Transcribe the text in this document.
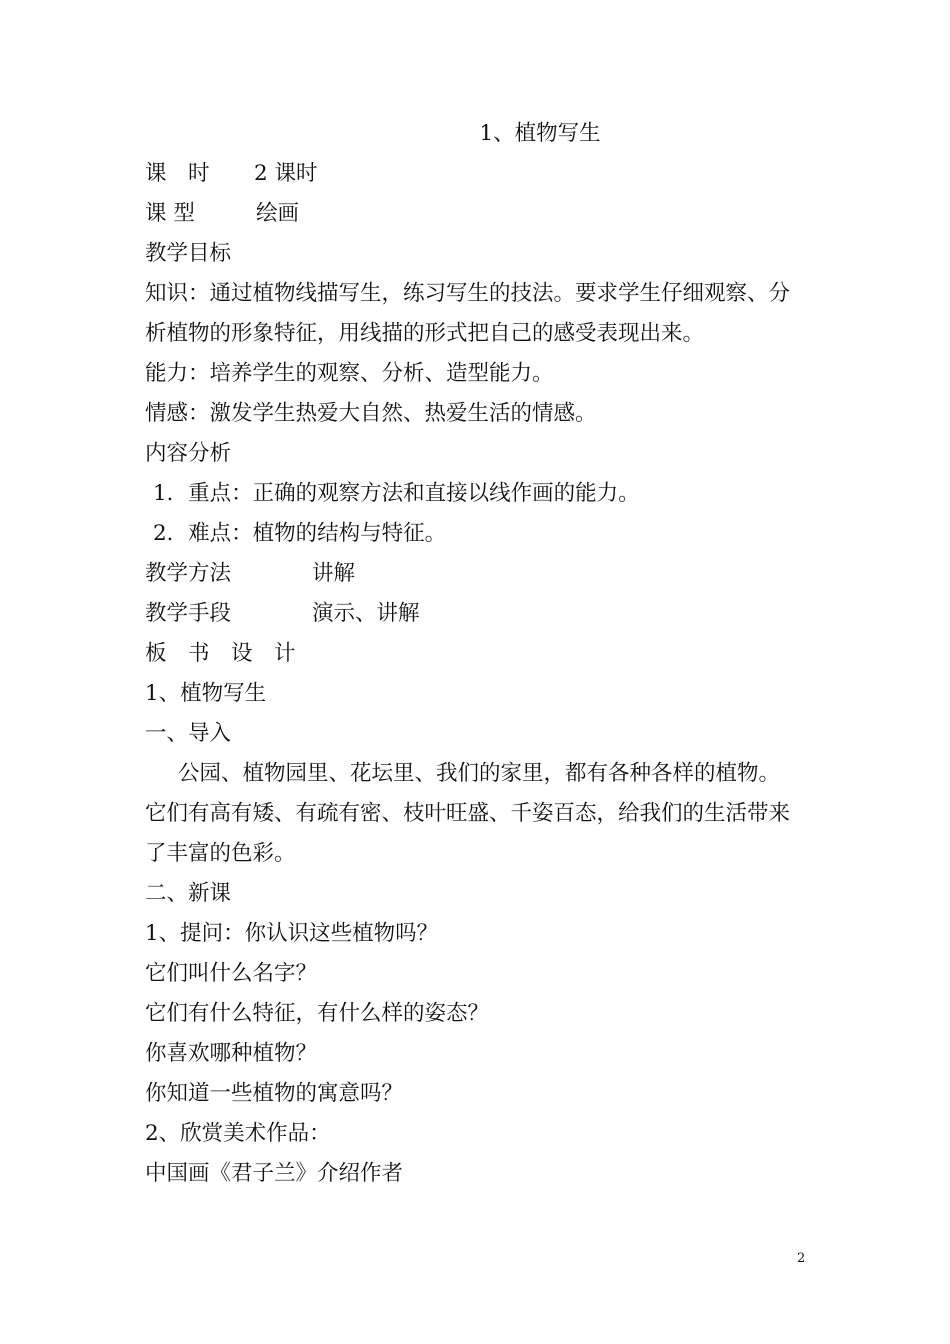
1、植物写生
课　时 2 课时
课 型	绘画
教学目标
知识：通过植物线描写生，练习写生的技法。要求学生仔细观察、分
析植物的形象特征，用线描的形式把自己的感受表现出来。
能力：培养学生的观察、分析、造型能力。
情感：激发学生热爱大自然、热爱生活的情感。
内容分析
1．重点：正确的观察方法和直接以线作画的能力。
2．难点：植物的结构与特征。
教学方法	讲解
教学手段	演示、讲解
板　书　设　计
1、植物写生
一、导入
公园、植物园里、花坛里、我们的家里，都有各种各样的植物。
它们有高有矮、有疏有密、枝叶旺盛、千姿百态，给我们的生活带来
了丰富的色彩。
二、新课
1、提问：你认识这些植物吗？
它们叫什么名字？
它们有什么特征，有什么样的姿态？
你喜欢哪种植物？
你知道一些植物的寓意吗？
2、欣赏美术作品：
中国画《君子兰》介绍作者
2
